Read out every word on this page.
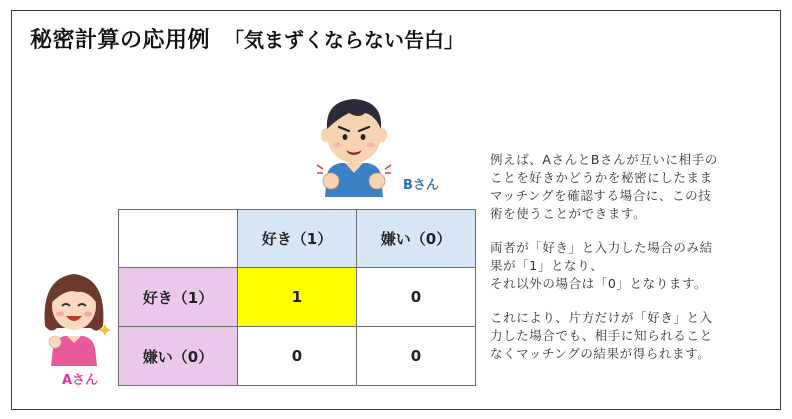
秘密計算の応用例 「気まずくならない告白」
Bさん
Aさん
	好き（1）	嫌い（0）
好き（1）	1	0
嫌い（0）	0	0

例えば、AさんとBさんが互いに相手の
ことを好きかどうかを秘密にしたまま
マッチングを確認する場合に、この技
術を使うことができます。

両者が「好き」と入力した場合のみ結
果が「1」となり、
それ以外の場合は「0」となります。

これにより、片方だけが「好き」と入
力した場合でも、相手に知られること
なくマッチングの結果が得られます。
